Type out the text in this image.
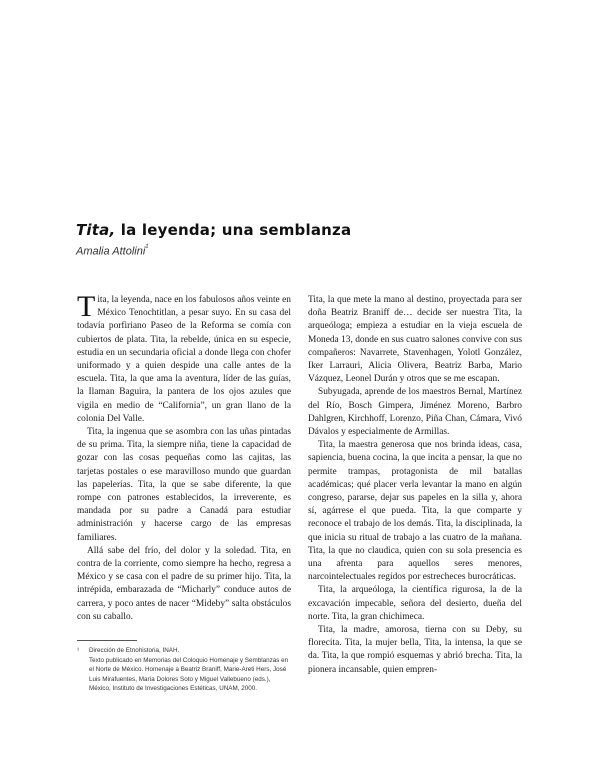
Tita, la leyenda; una semblanza
Amalia Attolini$^{^1}$

Tita, la leyenda, nace en los fabulosos años veinte en México Tenochtitlan, a pesar suyo. En su casa del todavía porfiriano Paseo de la Reforma se comía con cubiertos de plata. Tita, la rebelde, única en su especie, estudia en un secundaria oficial a donde llega con chofer uniformado y a quien despide una calle antes de la escuela. Tita, la que ama la aventura, líder de las guías, la Ilaman Baguira, la pantera de los ojos azules que vigila en medio de “California”, un gran llano de la colonia Del Valle.

Tita, la ingenua que se asombra con las uñas pintadas de su prima. Tita, la siempre niña, tiene la capacidad de gozar con las cosas pequeñas como las cajitas, las tarjetas postales o ese maravilloso mundo que guardan las papelerías. Tita, la que se sabe diferente, la que rompe con patrones establecidos, la irreverente, es mandada por su padre a Canadá para estudiar administración y hacerse cargo de las empresas familiares.

Allá sabe del frío, del dolor y la soledad. Tita, en contra de la corriente, como siempre ha hecho, regresa a México y se casa con el padre de su primer hijo. Tita, la intrépida, embarazada de “Micharly” conduce autos de carrera, y poco antes de nacer “Mideby” salta obstáculos con su caballo.

Tita, la que mete la mano al destino, proyectada para ser doña Beatriz Braniff de… decide ser nuestra Tita, la arqueóloga; empieza a estudiar en la vieja escuela de Moneda 13, donde en sus cuatro salones convive con sus compañeros: Navarrete, Stavenhagen, Yolotl González, Iker Larrauri, Alicia Olivera, Beatriz Barba, Mario Vázquez, Leonel Durán y otros que se me escapan.

Subyugada, aprende de los maestros Bernal, Martínez del Río, Bosch Gimpera, Jiménez Moreno, Barbro Dahlgren, Kirchhoff, Lorenzo, Piña Chan, Cámara, Vivó Dávalos y especialmente de Armillas.

Tita, la maestra generosa que nos brinda ideas, casa, sapiencia, buena cocina, la que incita a pensar, la que no permite trampas, protagonista de mil batallas académicas; qué placer verla levantar la mano en algún congreso, pararse, dejar sus papeles en la silla y, ahora sí, agárrese el que pueda. Tita, la que comparte y reconoce el trabajo de los demás. Tita, la disciplinada, la que inicia su ritual de trabajo a las cuatro de la mañana. Tita, la que no claudica, quien con su sola presencia es una afrenta para aquellos seres menores, narcointelectuales regidos por estrecheces burocráticas.

Tita, la arqueóloga, la científica rigurosa, la de la excavación impecable, señora del desierto, dueña del norte. Tita, la gran chichimeca.

Tita, la madre, amorosa, tierna con su Deby, su florecita. Tita, la mujer bella, Tita, la intensa, la que se da. Tita, la que rompió esquemas y abrió brecha. Tita, la pionera incansable, quien empren-

¹ Dirección de Etnohistoria, INAH.
Texto publicado en Memorias del Coloquio Homenaje y Semblanzas en el Norte de México. Homenaje a Beatriz Braniff, Marie-Areti Hers, José Luis Mirafuentes, María Dolores Soto y Miguel Vallebueno (eds.), México, Instituto de Investigaciones Estéticas, UNAM, 2000.
